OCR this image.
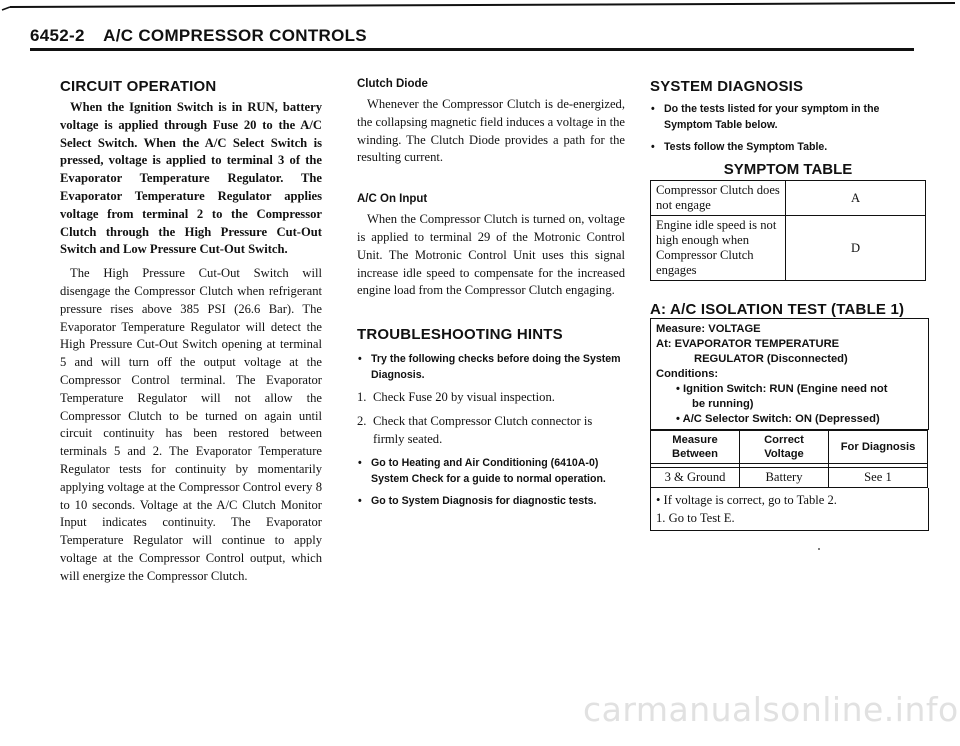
6452-2 A/C COMPRESSOR CONTROLS
CIRCUIT OPERATION

When the Ignition Switch is in RUN, battery voltage is applied through Fuse 20 to the A/C Select Switch. When the A/C Select Switch is pressed, voltage is applied to terminal 3 of the Evaporator Temperature Regulator. The Evaporator Temperature Regulator applies voltage from terminal 2 to the Compressor Clutch through the High Pressure Cut-Out Switch and Low Pressure Cut-Out Switch.

The High Pressure Cut-Out Switch will disengage the Compressor Clutch when refrigerant pressure rises above 385 PSI (26.6 Bar). The Evaporator Temperature Regulator will detect the High Pressure Cut-Out Switch opening at terminal 5 and will turn off the output voltage at the Compressor Control terminal. The Evaporator Temperature Regulator will not allow the Compressor Clutch to be turned on again until circuit continuity has been restored between terminals 5 and 2. The Evaporator Temperature Regulator tests for continuity by momentarily applying voltage at the Compressor Control every 8 to 10 seconds. Voltage at the A/C Clutch Monitor Input indicates continuity. The Evaporator Temperature Regulator will continue to apply voltage at the Compressor Control output, which will energize the Compressor Clutch.

Clutch Diode

Whenever the Compressor Clutch is de-energized, the collapsing magnetic field induces a voltage in the winding. The Clutch Diode provides a path for the resulting current.

A/C On Input

When the Compressor Clutch is turned on, voltage is applied to terminal 29 of the Motronic Control Unit. The Motronic Control Unit uses this signal increase idle speed to compensate for the increased engine load from the Compressor Clutch engaging.

TROUBLESHOOTING HINTS
• Try the following checks before doing the System Diagnosis.
1. Check Fuse 20 by visual inspection.
2. Check that Compressor Clutch connector is firmly seated.
• Go to Heating and Air Conditioning (6410A-0) System Check for a guide to normal operation.
• Go to System Diagnosis for diagnostic tests.
SYSTEM DIAGNOSIS
• Do the tests listed for your symptom in the Symptom Table below.
• Tests follow the Symptom Table.
SYMPTOM TABLE
Compressor Clutch does not engage	A
Engine idle speed is not high enough when Compressor Clutch engages	D
A: A/C ISOLATION TEST (TABLE 1)
Measure: VOLTAGE
At: EVAPORATOR TEMPERATURE
REGULATOR (Disconnected)
Conditions:
• Ignition Switch: RUN (Engine need not
be running)
• A/C Selector Switch: ON (Depressed)
Measure Between	Correct Voltage	For Diagnosis

3 & Ground	Battery	See 1
• If voltage is correct, go to Table 2.
1. Go to Test E.
carmanualsonline.info
